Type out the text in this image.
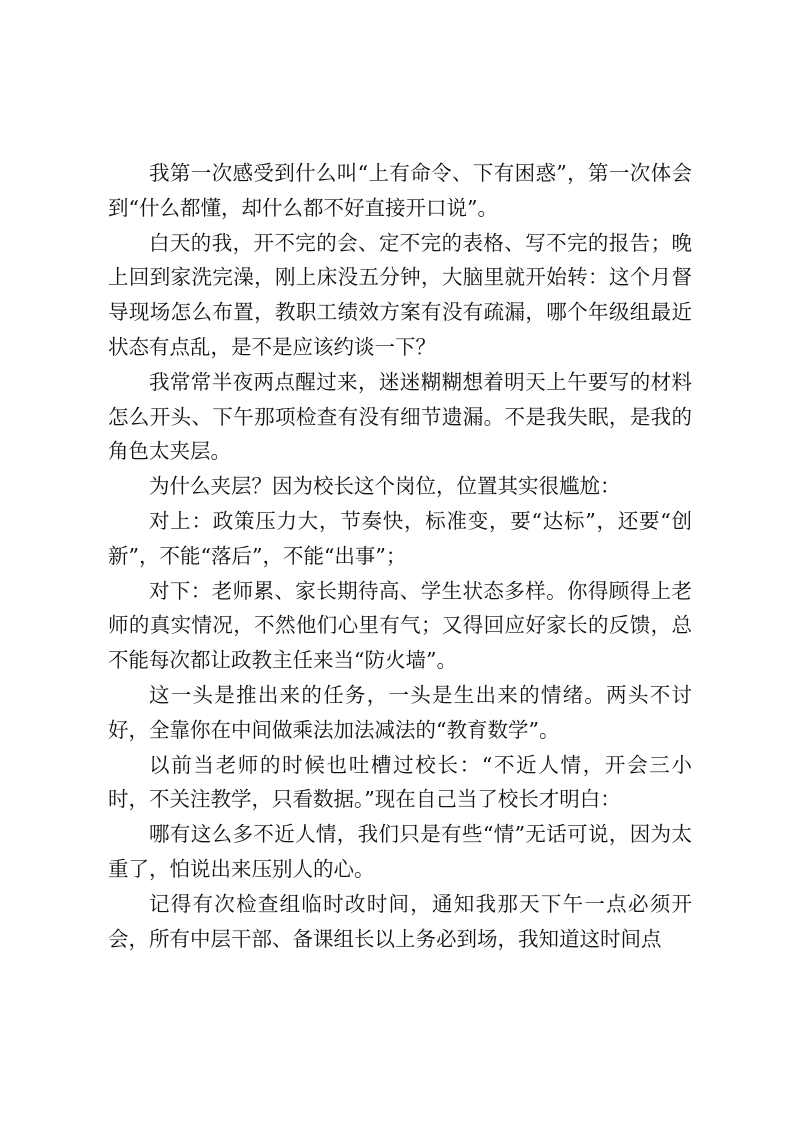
我第一次感受到什么叫“上有命令、下有困惑”，第一次体会到“什么都懂，却什么都不好直接开口说”。

白天的我，开不完的会、定不完的表格、写不完的报告；晚上回到家洗完澡，刚上床没五分钟，大脑里就开始转：这个月督导现场怎么布置，教职工绩效方案有没有疏漏，哪个年级组最近状态有点乱，是不是应该约谈一下？

我常常半夜两点醒过来，迷迷糊糊想着明天上午要写的材料怎么开头、下午那项检查有没有细节遗漏。不是我失眠，是我的角色太夹层。

为什么夹层？因为校长这个岗位，位置其实很尴尬：

对上：政策压力大，节奏快，标准变，要“达标”，还要“创新”，不能“落后”，不能“出事”；

对下：老师累、家长期待高、学生状态多样。你得顾得上老师的真实情况，不然他们心里有气；又得回应好家长的反馈，总不能每次都让政教主任来当“防火墙”。

这一头是推出来的任务，一头是生出来的情绪。两头不讨好，全靠你在中间做乘法加法减法的“教育数学”。

以前当老师的时候也吐槽过校长：“不近人情，开会三小时，不关注教学，只看数据。”现在自己当了校长才明白：

哪有这么多不近人情，我们只是有些“情”无话可说，因为太重了，怕说出来压别人的心。

记得有次检查组临时改时间，通知我那天下午一点必须开会，所有中层干部、备课组长以上务必到场，我知道这时间点
